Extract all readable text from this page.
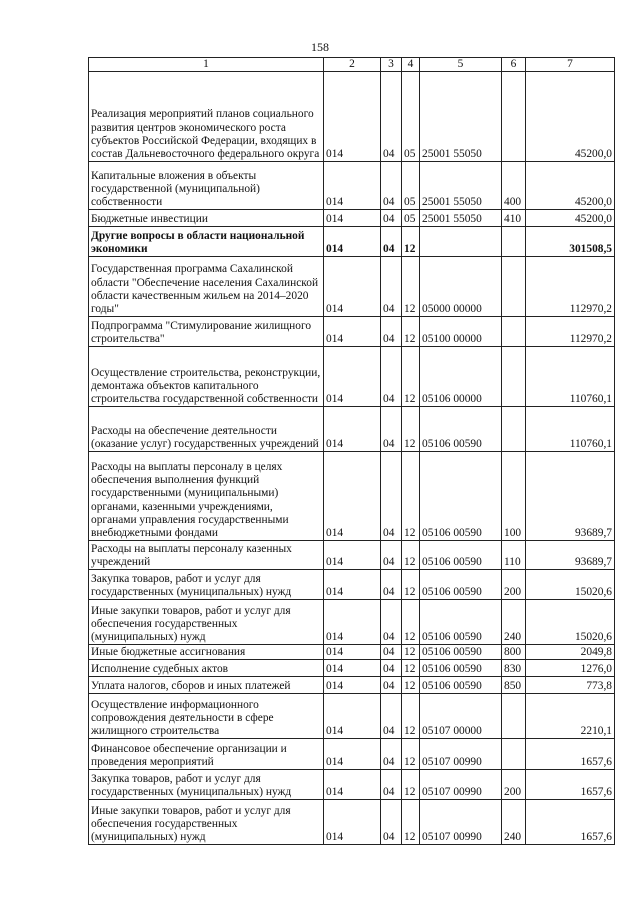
158
1	2	3	4	5	6	7
Реализация мероприятий планов социального развития центров экономического роста субъектов Российской Федерации, входящих в состав Дальневосточного федерального округа	014	04	05	25001 55050		45200,0
Капитальные вложения в объекты государственной (муниципальной) собственности	014	04	05	25001 55050	400	45200,0
Бюджетные инвестиции	014	04	05	25001 55050	410	45200,0
Другие вопросы в области национальной экономики	014	04	12			301508,5
Государственная программа Сахалинской области "Обеспечение населения Сахалинской области качественным жильем на 2014–2020 годы"	014	04	12	05000 00000		112970,2
Подпрограмма "Стимулирование жилищного строительства"	014	04	12	05100 00000		112970,2
Осуществление строительства, реконструкции, демонтажа объектов капитального строительства государственной собственности	014	04	12	05106 00000		110760,1
Расходы на обеспечение деятельности (оказание услуг) государственных учреждений	014	04	12	05106 00590		110760,1
Расходы на выплаты персоналу в целях обеспечения выполнения функций государственными (муниципальными) органами, казенными учреждениями, органами управления государственными внебюджетными фондами	014	04	12	05106 00590	100	93689,7
Расходы на выплаты персоналу казенных учреждений	014	04	12	05106 00590	110	93689,7
Закупка товаров, работ и услуг для государственных (муниципальных) нужд	014	04	12	05106 00590	200	15020,6
Иные закупки товаров, работ и услуг для обеспечения государственных (муниципальных) нужд	014	04	12	05106 00590	240	15020,6
Иные бюджетные ассигнования	014	04	12	05106 00590	800	2049,8
Исполнение судебных актов	014	04	12	05106 00590	830	1276,0
Уплата налогов, сборов и иных платежей	014	04	12	05106 00590	850	773,8
Осуществление информационного сопровождения деятельности в сфере жилищного строительства	014	04	12	05107 00000		2210,1
Финансовое обеспечение организации и проведения мероприятий	014	04	12	05107 00990		1657,6
Закупка товаров, работ и услуг для государственных (муниципальных) нужд	014	04	12	05107 00990	200	1657,6
Иные закупки товаров, работ и услуг для обеспечения государственных (муниципальных) нужд	014	04	12	05107 00990	240	1657,6
